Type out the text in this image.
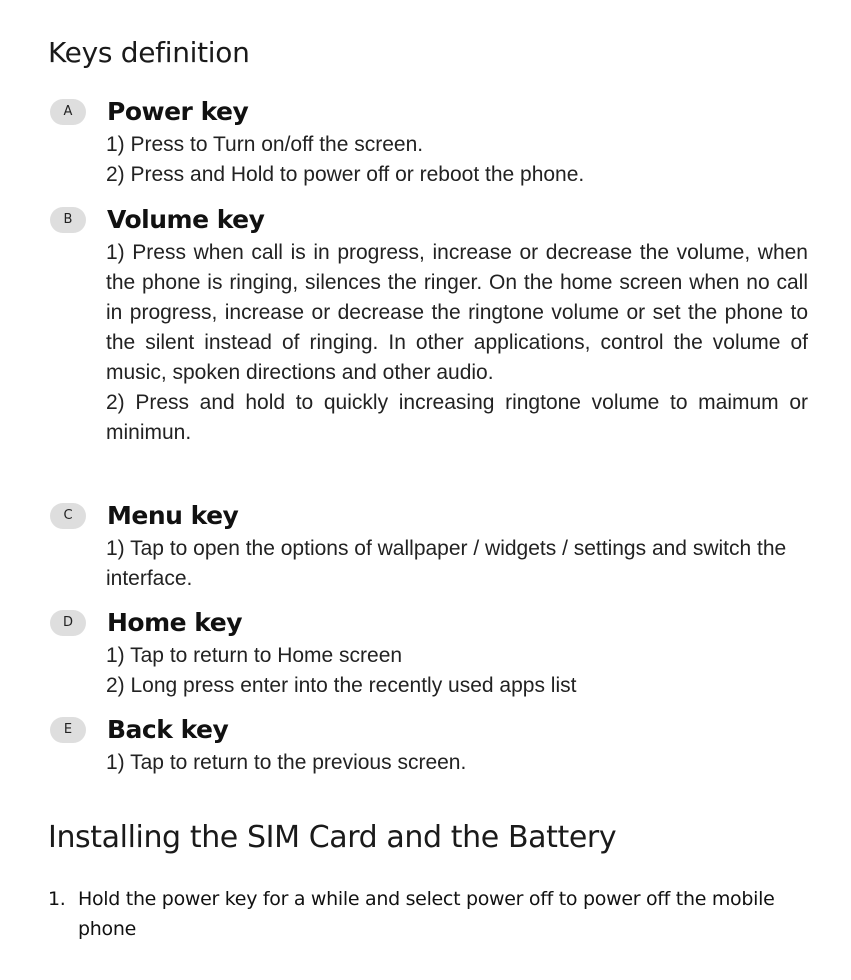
Keys definition
A	Power key

1) Press to Turn on/off the screen.

2) Press and Hold to power off or reboot the phone.

B	Volume key

1) Press when call is in progress, increase or decrease the volume, when the phone is ringing, silences the ringer. On the home screen when no call in progress, increase or decrease the ringtone volume or set the phone to the silent instead of ringing. In other applications, control the volume of music, spoken directions and other audio.

2) Press and hold to quickly increasing ringtone volume to maimum or minimun.

C	Menu key

1) Tap to open the options of wallpaper / widgets / settings and switch the interface.

D	Home key

1) Tap to return to Home screen

2) Long press enter into the recently used apps list

E	Back key

1) Tap to return to the previous screen.

Installing the SIM Card and the Battery
1. Hold the power key for a while and select power off to power off the mobile phone
